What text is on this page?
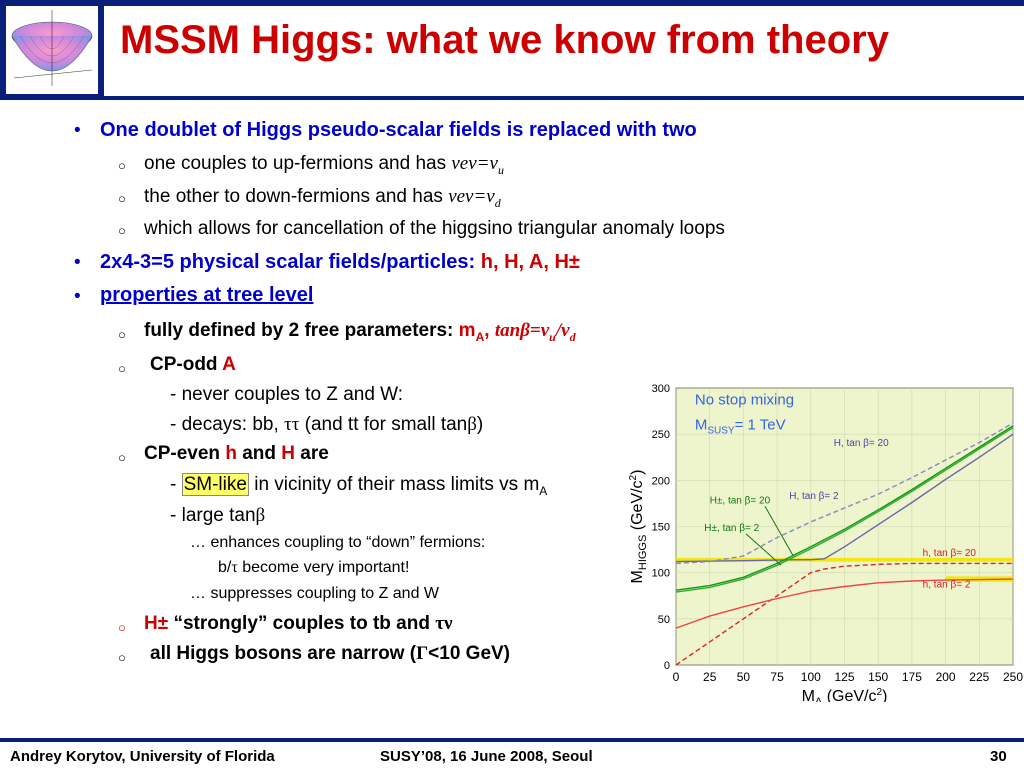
MSSM Higgs: what we know from theory
• One doublet of Higgs pseudo-scalar fields is replaced with two
○ one couples to up-fermions and has $vev=v_u$
○ the other to down-fermions and has $vev=v_d$
○ which allows for cancellation of the higgsino triangular anomaly loops
• 2x4-3=5 physical scalar fields/particles: h, H, A, H±
• properties at tree level
○ fully defined by 2 free parameters: $m_A$, $\tan\beta=v_u/v_d$
○ CP-odd A
- never couples to Z and W:
- decays: bb, ττ (and tt for small tanβ)
○ CP-even h and H are
- SM-like in vicinity of their mass limits vs $m_A$
- large tanβ
… enhances coupling to “down” fermions:
b/τ become very important!
… suppresses coupling to Z and W
○ H± “strongly” couples to tb and τν
○ all Higgs bosons are narrow (Γ<10 GeV)
0 25 50 75 100 125 150 175 200 225 250
0
50
100
150
200
250
300
No stop mixing
$M_{SUSY}= 1$ TeV
H, tan β= 20
H, tan β= 2
H±, tan β= 20
H±, tan β= 2
h, tan β= 20
h, tan β= 2
$M_A$ $(GeV/c^2)$
$M_{HIGGS}$ $(GeV/c^2)$
Andrey Korytov, University of Florida	SUSY’08, 16 June 2008, Seoul	30
